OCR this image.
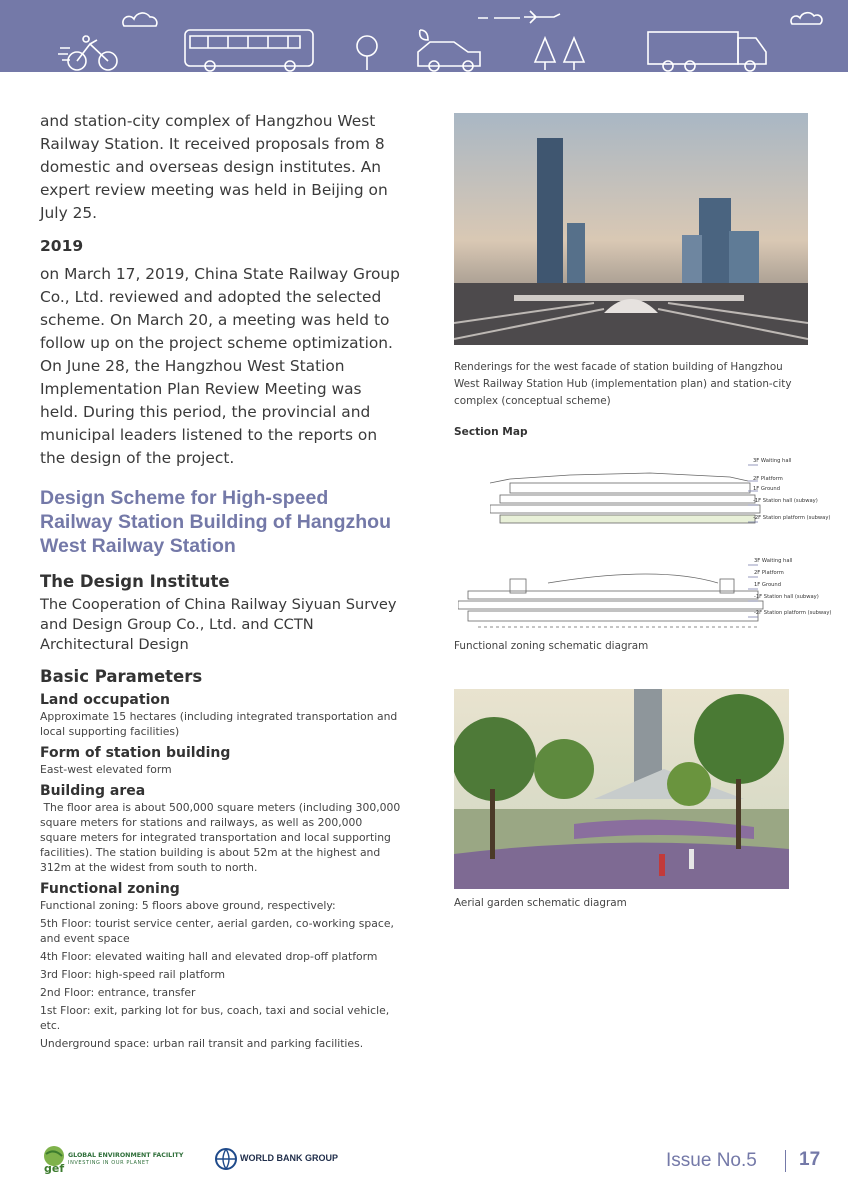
and station-city complex of Hangzhou West Railway Station. It received proposals from 8 domestic and overseas design institutes. An expert review meeting was held in Beijing on July 25.

2019

on March 17, 2019, China State Railway Group Co., Ltd. reviewed and adopted the selected scheme. On March 20, a meeting was held to follow up on the project scheme optimization. On June 28, the Hangzhou West Station Implementation Plan Review Meeting was held. During this period, the provincial and municipal leaders listened to the reports on the design of the project.

Design Scheme for High-speed Railway Station Building of Hangzhou West Railway Station
The Design Institute

The Cooperation of China Railway Siyuan Survey and Design Group Co., Ltd. and CCTN Architectural Design

Basic Parameters
Land occupation

Approximate 15 hectares (including integrated transportation and local supporting facilities)

Form of station building

East-west elevated form

Building area

The floor area is about 500,000 square meters (including 300,000 square meters for stations and railways, as well as 200,000 square meters for integrated transportation and local supporting facilities). The station building is about 52m at the highest and 312m at the widest from south to north.

Functional zoning

Functional zoning: 5 floors above ground, respectively:

5th Floor: tourist service center, aerial garden, co-working space, and event space

4th Floor: elevated waiting hall and elevated drop-off platform

3rd Floor: high-speed rail platform

2nd Floor: entrance, transfer

1st Floor: exit, parking lot for bus, coach, taxi and social vehicle, etc.

Underground space: urban rail transit and parking facilities.

Renderings for the west facade of station building of Hangzhou West Railway Station Hub (implementation plan) and station-city complex (conceptual scheme)

Section Map
3F Waiting hall
2F Platform
1F Ground
-1F Station hall (subway)
-2F Station platform (subway)
3F Waiting hall
2F Platform
1F Ground
-1F Station hall (subway)
-2F Station platform (subway)

Functional zoning schematic diagram

Aerial garden schematic diagram

gef
GLOBAL ENVIRONMENT FACILITY
INVESTING IN OUR PLANET	WORLD BANK GROUP	Issue No.5 17
